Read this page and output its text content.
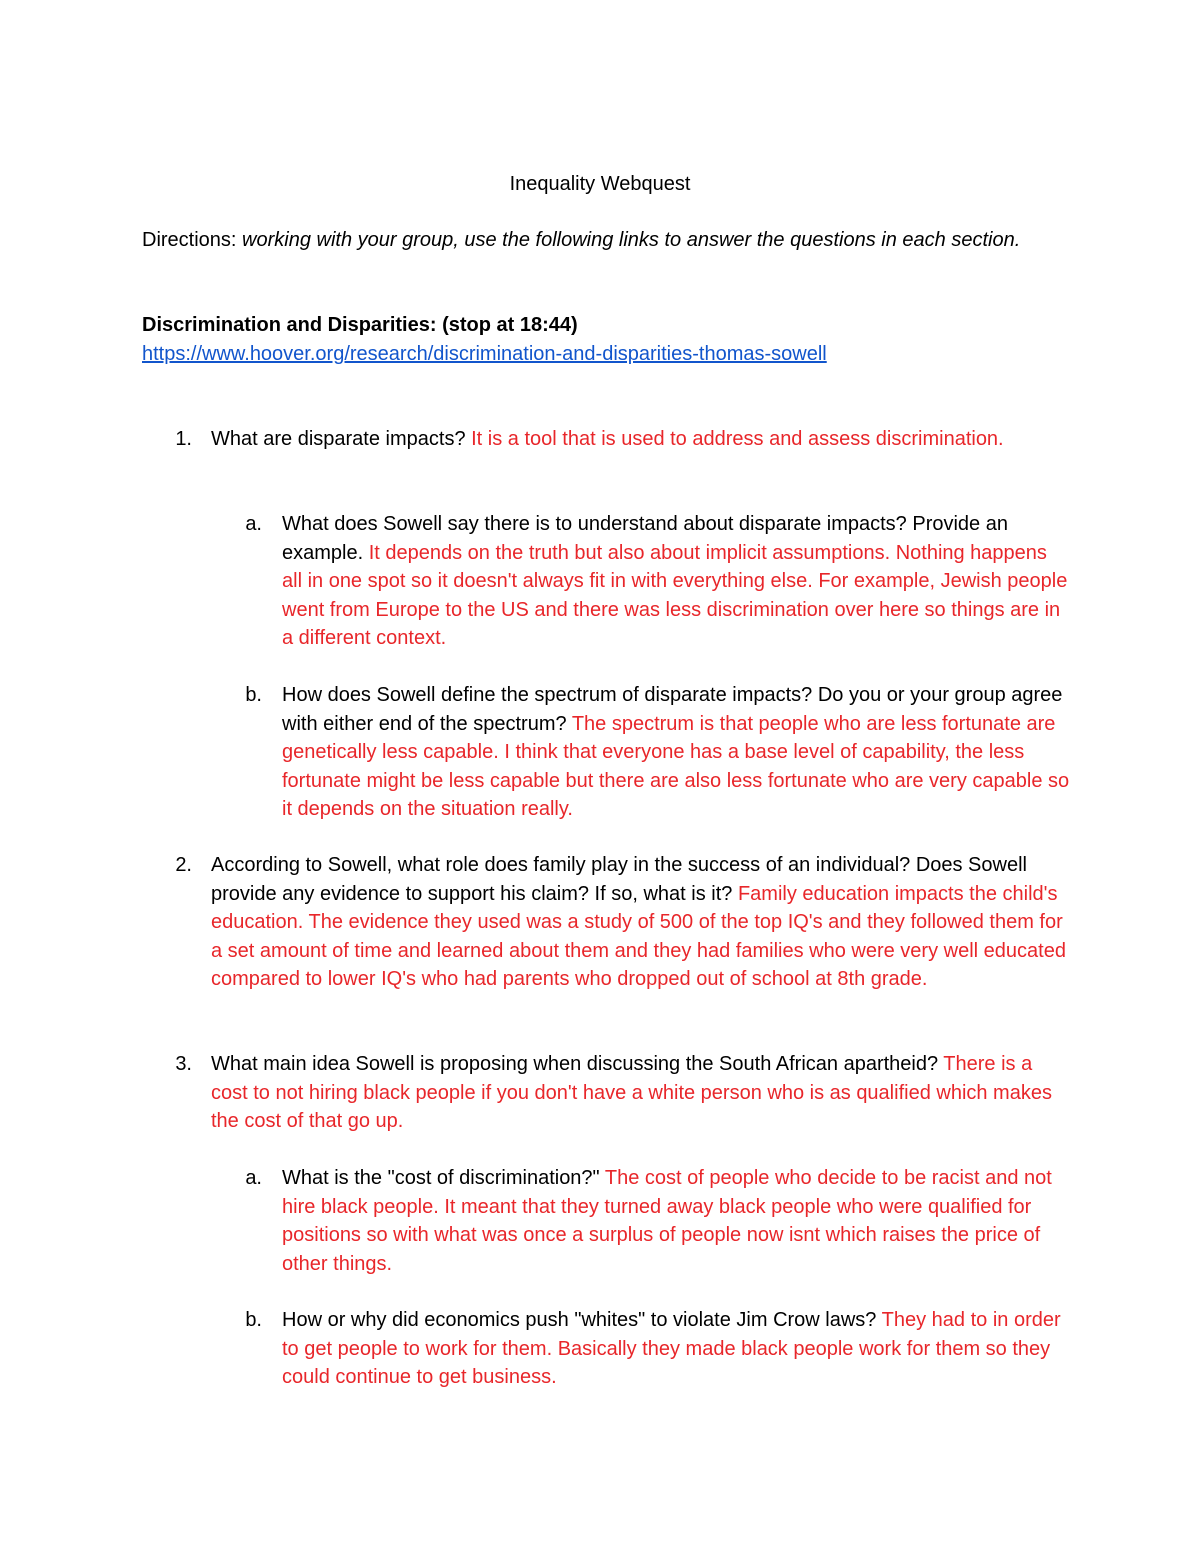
Inequality Webquest
Directions: working with your group, use the following links to answer the questions in each section.
Discrimination and Disparities: (stop at 18:44)
https://www.hoover.org/research/discrimination-and-disparities-thomas-sowell
1. What are disparate impacts? It is a tool that is used to address and assess discrimination.
a. What does Sowell say there is to understand about disparate impacts? Provide an example. It depends on the truth but also about implicit assumptions. Nothing happens all in one spot so it doesn't always fit in with everything else. For example, Jewish people went from Europe to the US and there was less discrimination over here so things are in a different context.
b. How does Sowell define the spectrum of disparate impacts? Do you or your group agree with either end of the spectrum? The spectrum is that people who are less fortunate are genetically less capable. I think that everyone has a base level of capability, the less fortunate might be less capable but there are also less fortunate who are very capable so it depends on the situation really.
2. According to Sowell, what role does family play in the success of an individual? Does Sowell provide any evidence to support his claim? If so, what is it? Family education impacts the child's education. The evidence they used was a study of 500 of the top IQ's and they followed them for a set amount of time and learned about them and they had families who were very well educated compared to lower IQ's who had parents who dropped out of school at 8th grade.
3. What main idea Sowell is proposing when discussing the South African apartheid? There is a cost to not hiring black people if you don't have a white person who is as qualified which makes the cost of that go up.
a. What is the "cost of discrimination?" The cost of people who decide to be racist and not hire black people. It meant that they turned away black people who were qualified for positions so with what was once a surplus of people now isnt which raises the price of other things.
b. How or why did economics push "whites" to violate Jim Crow laws? They had to in order to get people to work for them. Basically they made black people work for them so they could continue to get business.
